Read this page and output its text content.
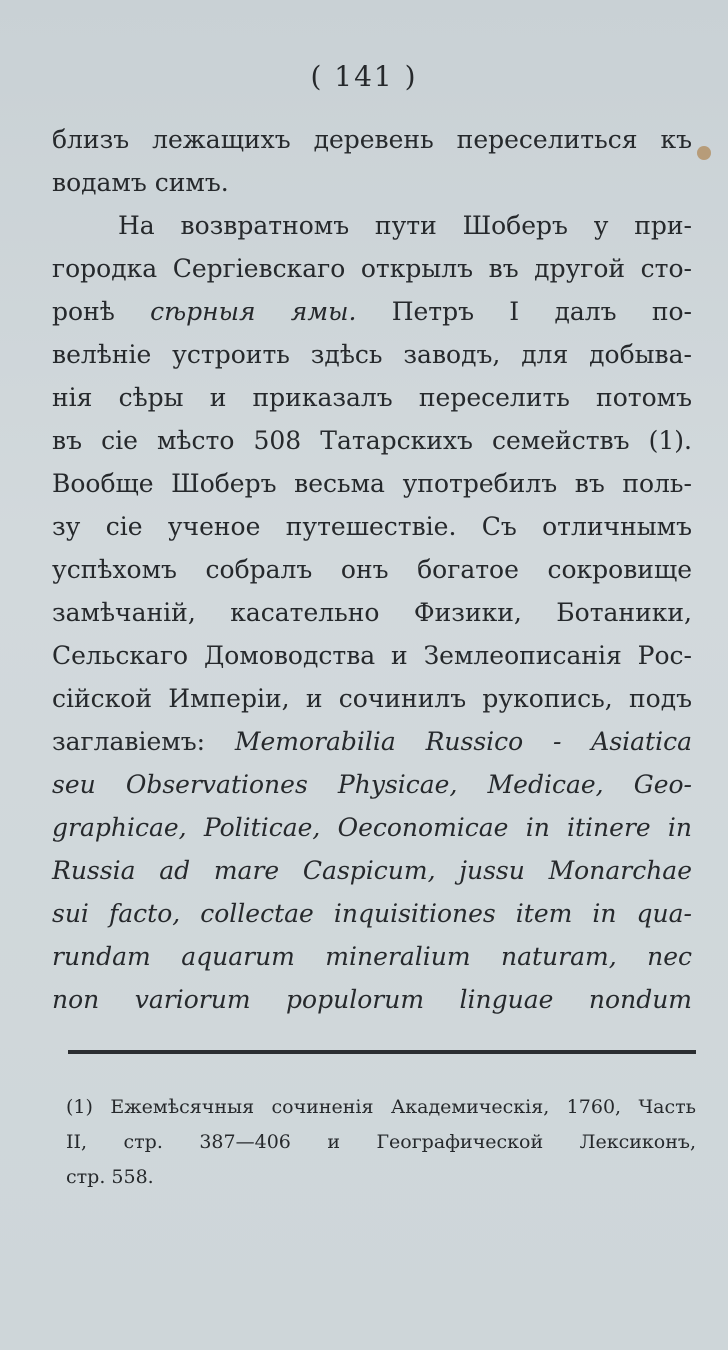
( 141 )
близъ лежащихъ деревень переселиться къ
водамъ симъ.
На возвратномъ пути Шоберъ у при-
городка Сергіевскаго открылъ въ другой сто-
ронѣ сѣрныя ямы. Петръ I далъ по-
велѣніе устроить здѣсь заводъ, для добыва-
нія сѣры и приказалъ переселить потомъ
въ сіе мѣсто 508 Татарскихъ семействъ (1).
Вообще Шоберъ весьма употребилъ въ поль-
зу сіе ученое путешествіе. Съ отличнымъ
успѣхомъ собралъ онъ богатое сокровище
замѣчаній, касательно Физики, Ботаники,
Сельскаго Домоводства и Землеописанія Рос-
сійской Имперіи, и сочинилъ рукопись, подъ
заглавіемъ: Memorabilia Russico - Asiatica
seu Observationes Physicae, Medicae, Geo-
graphicae, Politicae, Oeconomicae in itinere in
Russia ad mare Caspicum, jussu Monarchae
sui facto, collectae inquisitiones item in qua-
rundam aquarum mineralium naturam, nec
non variorum populorum linguae nondum
(1) Ежемѣсячныя сочиненія Академическія, 1760, Часть
II, стр. 387—406 и Географической Лексиконъ,
стр. 558.
